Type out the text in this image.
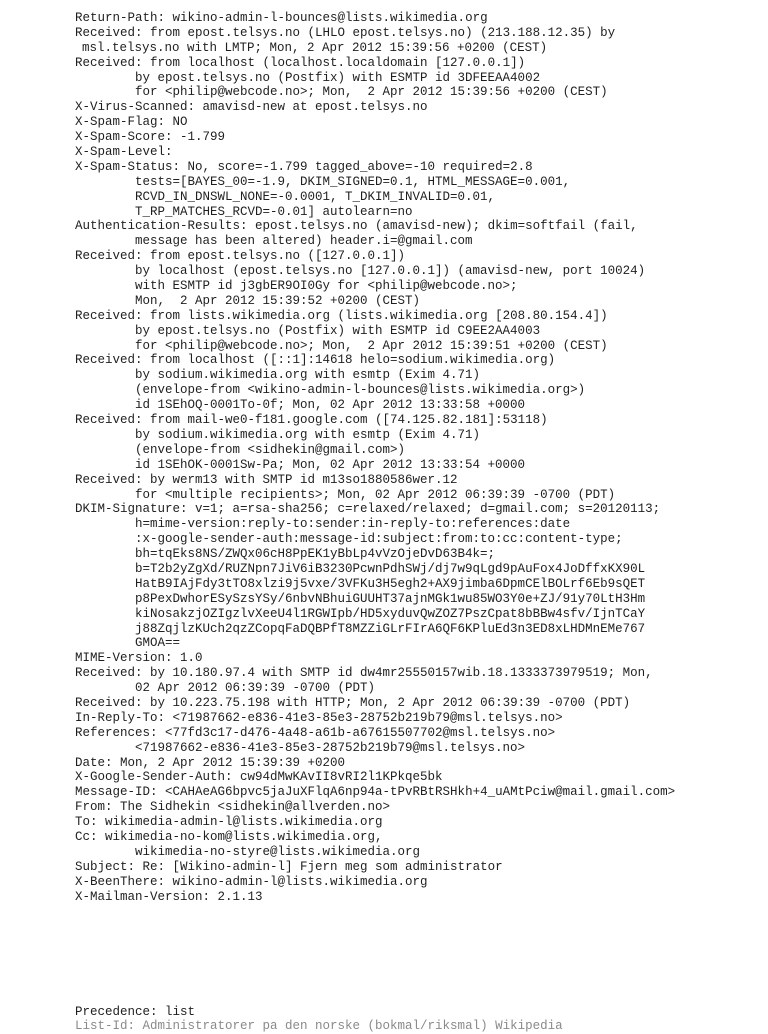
Return-Path: wikino-admin-l-bounces@lists.wikimedia.org
Received: from epost.telsys.no (LHLO epost.telsys.no) (213.188.12.35) by
msl.telsys.no with LMTP; Mon, 2 Apr 2012 15:39:56 +0200 (CEST)
Received: from localhost (localhost.localdomain [127.0.0.1])
by epost.telsys.no (Postfix) with ESMTP id 3DFEEAA4002
for <philip@webcode.no>; Mon,  2 Apr 2012 15:39:56 +0200 (CEST)
X-Virus-Scanned: amavisd-new at epost.telsys.no
X-Spam-Flag: NO
X-Spam-Score: -1.799
X-Spam-Level:
X-Spam-Status: No, score=-1.799 tagged_above=-10 required=2.8
tests=[BAYES_00=-1.9, DKIM_SIGNED=0.1, HTML_MESSAGE=0.001,
RCVD_IN_DNSWL_NONE=-0.0001, T_DKIM_INVALID=0.01,
T_RP_MATCHES_RCVD=-0.01] autolearn=no
Authentication-Results: epost.telsys.no (amavisd-new); dkim=softfail (fail,
message has been altered) header.i=@gmail.com
Received: from epost.telsys.no ([127.0.0.1])
by localhost (epost.telsys.no [127.0.0.1]) (amavisd-new, port 10024)
with ESMTP id j3gbER9OI0Gy for <philip@webcode.no>;
Mon,  2 Apr 2012 15:39:52 +0200 (CEST)
Received: from lists.wikimedia.org (lists.wikimedia.org [208.80.154.4])
by epost.telsys.no (Postfix) with ESMTP id C9EE2AA4003
for <philip@webcode.no>; Mon,  2 Apr 2012 15:39:51 +0200 (CEST)
Received: from localhost ([::1]:14618 helo=sodium.wikimedia.org)
by sodium.wikimedia.org with esmtp (Exim 4.71)
(envelope-from <wikino-admin-l-bounces@lists.wikimedia.org>)
id 1SEhOQ-0001To-0f; Mon, 02 Apr 2012 13:33:58 +0000
Received: from mail-we0-f181.google.com ([74.125.82.181]:53118)
by sodium.wikimedia.org with esmtp (Exim 4.71)
(envelope-from <sidhekin@gmail.com>)
id 1SEhOK-0001Sw-Pa; Mon, 02 Apr 2012 13:33:54 +0000
Received: by werm13 with SMTP id m13so1880586wer.12
for <multiple recipients>; Mon, 02 Apr 2012 06:39:39 -0700 (PDT)
DKIM-Signature: v=1; a=rsa-sha256; c=relaxed/relaxed; d=gmail.com; s=20120113;
h=mime-version:reply-to:sender:in-reply-to:references:date
:x-google-sender-auth:message-id:subject:from:to:cc:content-type;
bh=tqEks8NS/ZWQx06cH8PpEK1yBbLp4vVzOjeDvD63B4k=;
b=T2b2yZgXd/RUZNpn7JiV6iB3230PcwnPdhSWj/dj7w9qLgd9pAuFox4JoDffxKX90L
HatB9IAjFdy3tTO8xlzi9j5vxe/3VFKu3H5egh2+AX9jimba6DpmCElBOLrf6Eb9sQET
p8PexDwhorESySzsYSy/6nbvNBhuiGUUHT37ajnMGk1wu85WO3Y0e+ZJ/91y70LtH3Hm
kiNosakzjOZIgzlvXeeU4l1RGWIpb/HD5xyduvQwZOZ7PszCpat8bBBw4sfv/IjnTCaY
j88ZqjlzKUch2qzZCopqFaDQBPfT8MZZiGLrFIrA6QF6KPluEd3n3ED8xLHDMnEMe767
GMOA==
MIME-Version: 1.0
Received: by 10.180.97.4 with SMTP id dw4mr25550157wib.18.1333373979519; Mon,
02 Apr 2012 06:39:39 -0700 (PDT)
Received: by 10.223.75.198 with HTTP; Mon, 2 Apr 2012 06:39:39 -0700 (PDT)
In-Reply-To: <71987662-e836-41e3-85e3-28752b219b79@msl.telsys.no>
References: <77fd3c17-d476-4a48-a61b-a67615507702@msl.telsys.no>
<71987662-e836-41e3-85e3-28752b219b79@msl.telsys.no>
Date: Mon, 2 Apr 2012 15:39:39 +0200
X-Google-Sender-Auth: cw94dMwKAvII8vRI2l1KPkqe5bk
Message-ID: <CAHAeAG6bpvc5jaJuXFlqA6np94a-tPvRBtRSHkh+4_uAMtPciw@mail.gmail.com>
From: The Sidhekin <sidhekin@allverden.no>
To: wikimedia-admin-l@lists.wikimedia.org
Cc: wikimedia-no-kom@lists.wikimedia.org,
wikimedia-no-styre@lists.wikimedia.org
Subject: Re: [Wikino-admin-l] Fjern meg som administrator
X-BeenThere: wikino-admin-l@lists.wikimedia.org
X-Mailman-Version: 2.1.13
Precedence: list
List-Id: Administratorer pa den norske (bokmal/riksmal) Wikipedia
